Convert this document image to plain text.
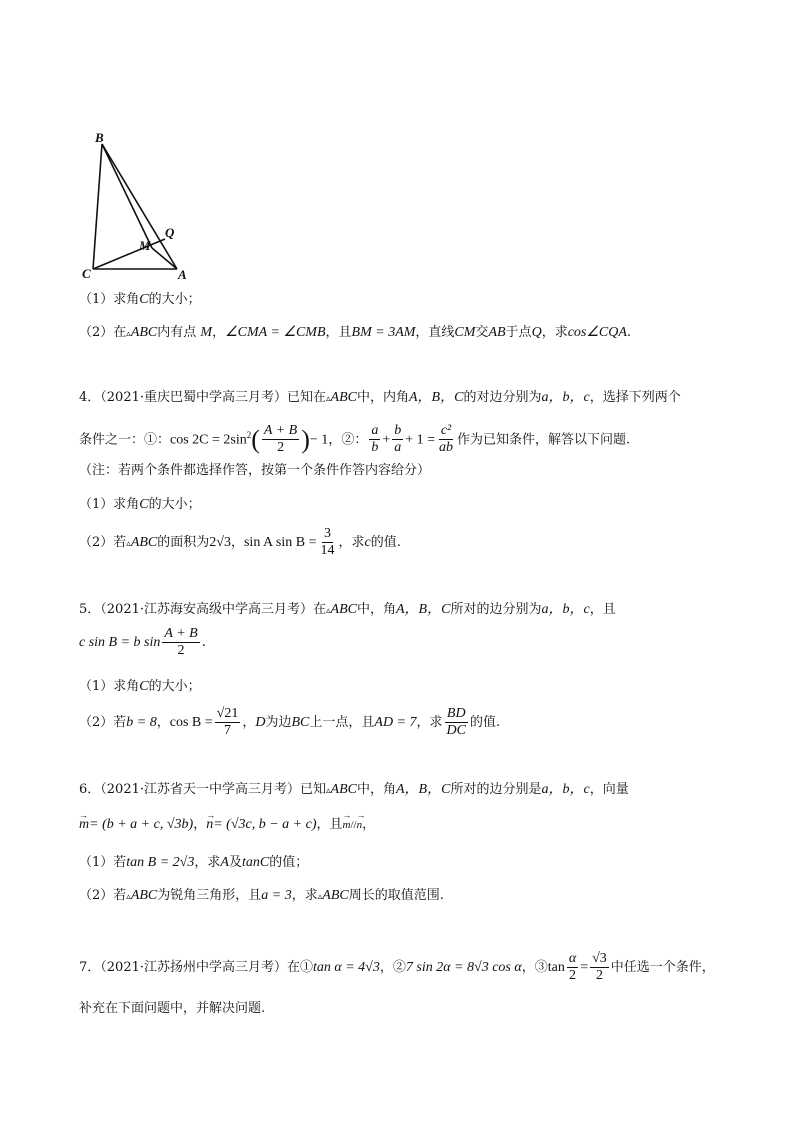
B
C	A
M
Q
（1）求角C的大小；
（2）在▵ABC内有点 M，∠CMA = ∠CMB，且BM = 3AM，直线CM交AB于点Q，求cos∠CQA.
4．（2021·重庆巴蜀中学高三月考）已知在▵ABC中，内角A，B，C的对边分别为a，b，c，选择下列两个
条件之一：①：$\cos 2C = 2\sin^2( \frac{A + B}{2}$ )− 1，②： $\frac{a}{b} + \frac{b}{a} + 1 = \frac{\text{c²}}{ab}$ 作为已知条件，解答以下问题.
（注：若两个条件都选择作答，按第一个条件作答内容给分）
（1）求角C的大小；
（2）若▵ABC的面积为2√3，sin A $\sin B = \frac{3}{14}$ ，求c的值.
5．（2021·江苏海安高级中学高三月考）在▵ABC中，角A，B，C所对的边分别为a，b，c，且
c sin B = b $\sin \frac{A + B}{2}$ .
（1）求角C的大小；
（2）若b = 8，$\cos B = \frac{√21}{7}$ ，D为边BC上一点，且AD = 7，求 $\frac{BD}{DC}$ 的值.
6．（2021·江苏省天一中学高三月考）已知▵ABC中，角A，B，C所对的边分别是a，b，c，向量
→ m= (b + a + c, √3b)，→ n= (√3c, b − a + c)，且→ m//→ n，
（1）若tan B = 2√3，求A及tanC的值；
（2）若▵ABC为锐角三角形，且a = 3，求▵ABC周长的取值范围.
7．（2021·江苏扬州中学高三月考）在①tan α = 4√3，②7 sin 2α = 8√3 cos α，③tan $\frac{\alpha}{2} = \frac{√3}{2}$ 中任选一个条件，
补充在下面问题中，并解决问题.
